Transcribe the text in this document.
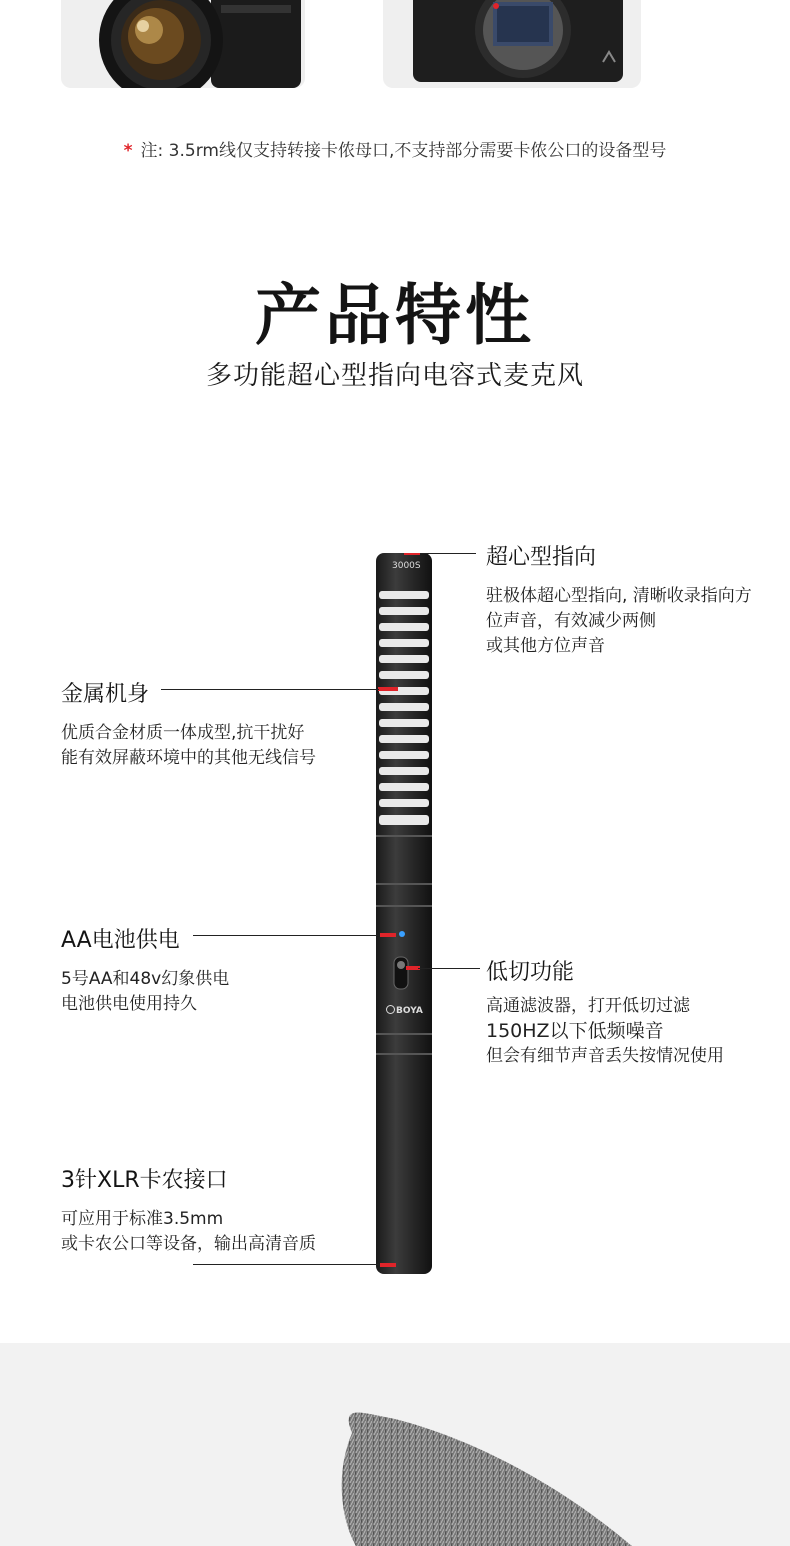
* 注: 3.5rm线仅支持转接卡侬母口,不支持部分需要卡侬公口的设备型号
产品特性
多功能超心型指向电容式麦克风
3000S
BOYA
超心型指向
驻极体超心型指向, 清晰收录指向方
位声音，有效减少两侧
或其他方位声音
金属机身
优质合金材质一体成型,抗干扰好
能有效屏蔽环境中的其他无线信号
AA电池供电
5号AA和48v幻象供电
电池供电使用持久
低切功能
高通滤波器，打开低切过滤
150HZ以下低频噪音
但会有细节声音丢失按情况使用
3针XLR卡农接口
可应用于标准3.5mm
或卡农公口等设备，输出高清音质
